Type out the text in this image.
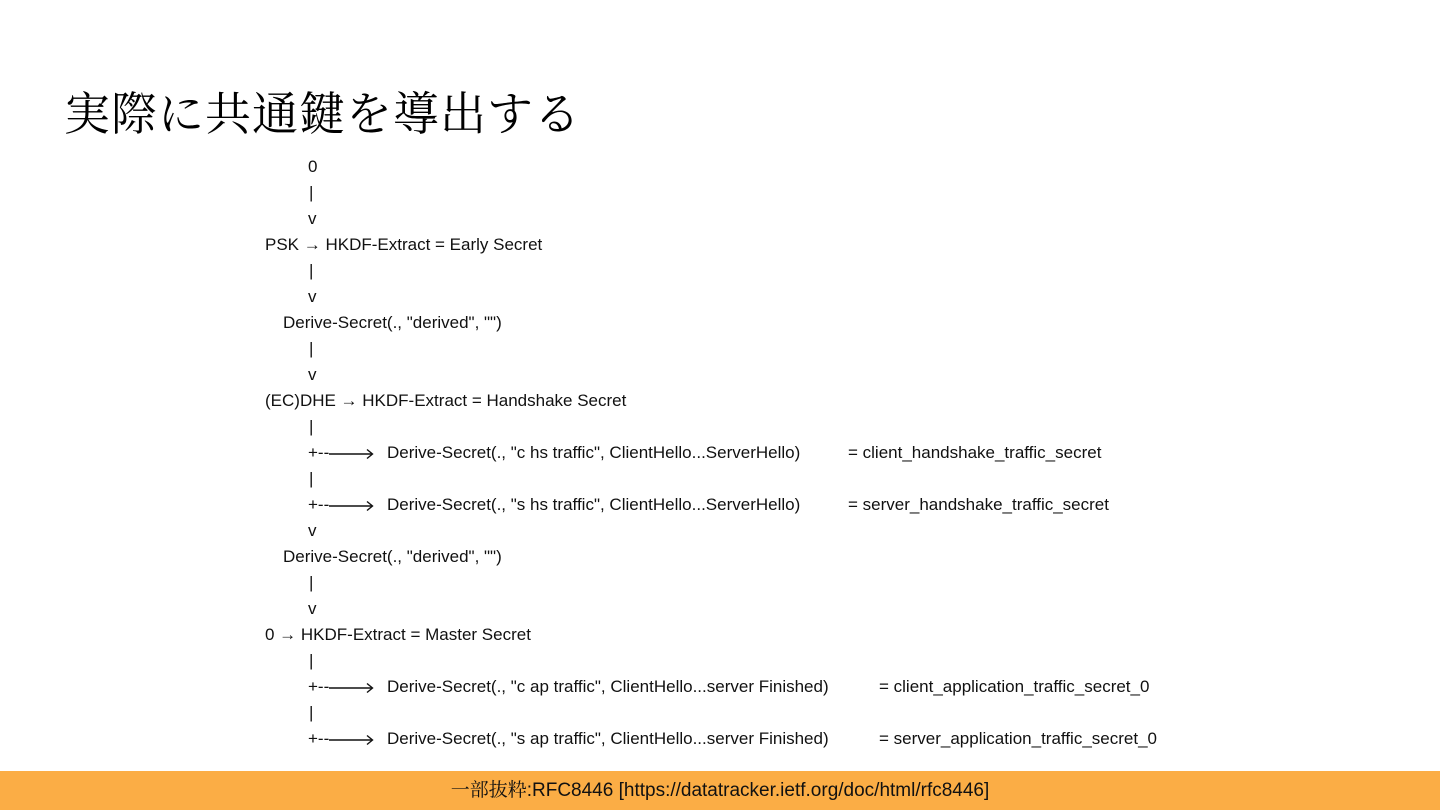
実際に共通鍵を導出する
0
|
v
PSK → HKDF-Extract = Early Secret
|
v
Derive-Secret(., "derived", "")
|
v
(EC)DHE → HKDF-Extract = Handshake Secret
|
+--	Derive-Secret(., "c hs traffic", ClientHello...ServerHello)	= client_handshake_traffic_secret
|
+--	Derive-Secret(., "s hs traffic", ClientHello...ServerHello)	= server_handshake_traffic_secret
v
Derive-Secret(., "derived", "")
|
v
0 → HKDF-Extract = Master Secret
|
+--	Derive-Secret(., "c ap traffic", ClientHello...server Finished)	= client_application_traffic_secret_0
|
+--	Derive-Secret(., "s ap traffic", ClientHello...server Finished)	= server_application_traffic_secret_0
一部抜粋:RFC8446 [https://datatracker.ietf.org/doc/html/rfc8446]
